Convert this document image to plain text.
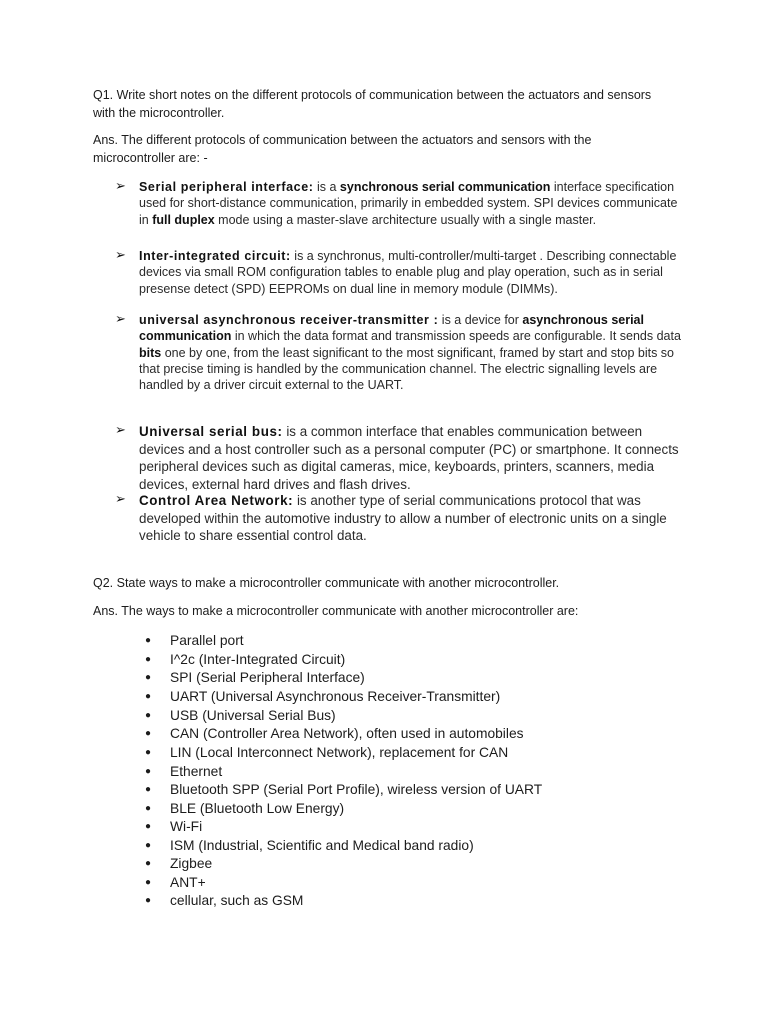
Q1. Write short notes on the different protocols of communication between the actuators and sensors with the microcontroller.

Ans. The different protocols of communication between the actuators and sensors with the microcontroller are: -

➢ Serial peripheral interface: is a synchronous serial communication interface specification used for short-distance communication, primarily in embedded system. SPI devices communicate in full duplex mode using a master-slave architecture usually with a single master.

➢ Inter-integrated circuit: is a synchronus, multi-controller/multi-target . Describing connectable devices via small ROM configuration tables to enable plug and play operation, such as in serial presense detect (SPD) EEPROMs on dual line in memory module (DIMMs).

➢ universal asynchronous receiver-transmitter : is a device for asynchronous serial communication in which the data format and transmission speeds are configurable. It sends data bits one by one, from the least significant to the most significant, framed by start and stop bits so that precise timing is handled by the communication channel. The electric signalling levels are handled by a driver circuit external to the UART.

➢ Universal serial bus: is a common interface that enables communication between devices and a host controller such as a personal computer (PC) or smartphone. It connects peripheral devices such as digital cameras, mice, keyboards, printers, scanners, media devices, external hard drives and flash drives.

➢ Control Area Network: is another type of serial communications protocol that was developed within the automotive industry to allow a number of electronic units on a single vehicle to share essential control data.

Q2. State ways to make a microcontroller communicate with another microcontroller.

Ans. The ways to make a microcontroller communicate with another microcontroller are:

● Parallel port
● I^2c (Inter-Integrated Circuit)
● SPI (Serial Peripheral Interface)
● UART (Universal Asynchronous Receiver-Transmitter)
● USB (Universal Serial Bus)
● CAN (Controller Area Network), often used in automobiles
● LIN (Local Interconnect Network), replacement for CAN
● Ethernet
● Bluetooth SPP (Serial Port Profile), wireless version of UART
● BLE (Bluetooth Low Energy)
● Wi-Fi
● ISM (Industrial, Scientific and Medical band radio)
● Zigbee
● ANT+
● cellular, such as GSM
